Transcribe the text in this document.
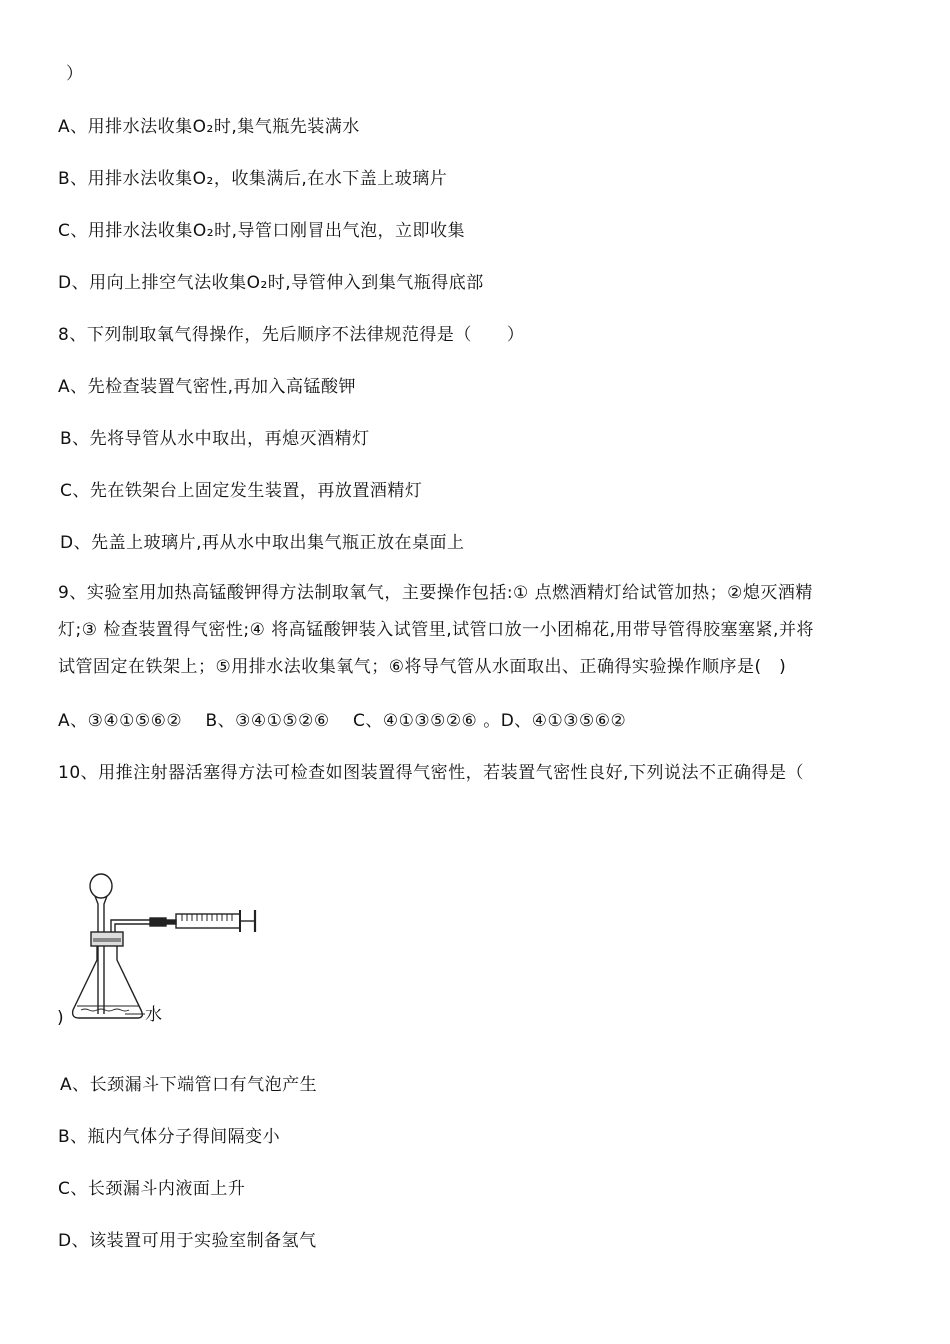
）
A、用排水法收集O₂时,集气瓶先装满水
B、用排水法收集O₂，收集满后,在水下盖上玻璃片
C、用排水法收集O₂时,导管口刚冒出气泡，立即收集
D、用向上排空气法收集O₂时,导管伸入到集气瓶得底部
8、下列制取氧气得操作，先后顺序不法律规范得是（　　）
A、先检查装置气密性,再加入高锰酸钾
B、先将导管从水中取出，再熄灭酒精灯
C、先在铁架台上固定发生装置，再放置酒精灯
D、先盖上玻璃片,再从水中取出集气瓶正放在桌面上
9、实验室用加热高锰酸钾得方法制取氧气，主要操作包括:① 点燃酒精灯给试管加热；②熄灭酒精
灯;③ 检查装置得气密性;④ 将高锰酸钾装入试管里,试管口放一小团棉花,用带导管得胶塞塞紧,并将
试管固定在铁架上；⑤用排水法收集氧气；⑥将导气管从水面取出、正确得实验操作顺序是(　)
A、③④①⑤⑥②　 B、③④①⑤②⑥　 C、④①③⑤②⑥ 。D、④①③⑤⑥②
10、用推注射器活塞得方法可检查如图装置得气密性，若装置气密性良好,下列说法不正确得是（
)	水
A、长颈漏斗下端管口有气泡产生
B、瓶内气体分子得间隔变小
C、长颈漏斗内液面上升
D、该装置可用于实验室制备氢气
